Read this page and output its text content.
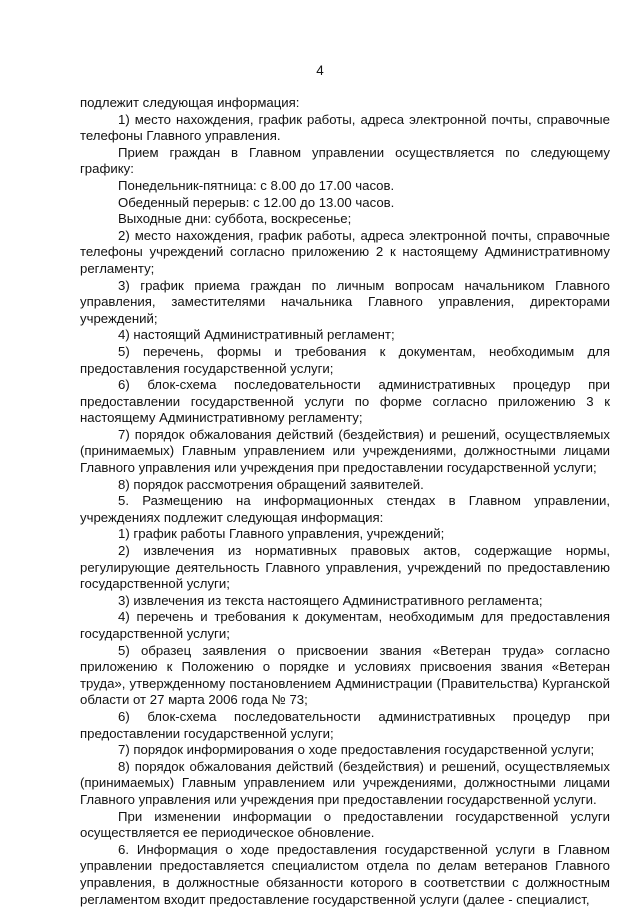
4

подлежит следующая информация:

1) место нахождения, график работы, адреса электронной почты, справочные телефоны Главного управления.

Прием граждан в Главном управлении осуществляется по следующему графику:

Понедельник-пятница: с 8.00 до 17.00 часов.

Обеденный перерыв: с 12.00 до 13.00 часов.

Выходные дни: суббота, воскресенье;

2) место нахождения, график работы, адреса электронной почты, справочные телефоны учреждений согласно приложению 2 к настоящему Административному регламенту;

3) график приема граждан по личным вопросам начальником Главного управления, заместителями начальника Главного управления, директорами учреждений;

4) настоящий Административный регламент;

5) перечень, формы и требования к документам, необходимым для предоставления государственной услуги;

6) блок-схема последовательности административных процедур при предоставлении государственной услуги по форме согласно приложению 3 к настоящему Административному регламенту;

7) порядок обжалования действий (бездействия) и решений, осуществляемых (принимаемых) Главным управлением или учреждениями, должностными лицами Главного управления или учреждения при предоставлении государственной услуги;

8) порядок рассмотрения обращений заявителей.

5. Размещению на информационных стендах в Главном управлении, учреждениях подлежит следующая информация:

1) график работы Главного управления, учреждений;

2) извлечения из нормативных правовых актов, содержащие нормы, регулирующие деятельность Главного управления, учреждений по предоставлению государственной услуги;

3) извлечения из текста настоящего Административного регламента;

4) перечень и требования к документам, необходимым для предоставления государственной услуги;

5) образец заявления о присвоении звания «Ветеран труда» согласно приложению к Положению о порядке и условиях присвоения звания «Ветеран труда», утвержденному постановлением Администрации (Правительства) Курганской области от 27 марта 2006 года № 73;

6) блок-схема последовательности административных процедур при предоставлении государственной услуги;

7) порядок информирования о ходе предоставления государственной услуги;

8) порядок обжалования действий (бездействия) и решений, осуществляемых (принимаемых) Главным управлением или учреждениями, должностными лицами Главного управления или учреждения при предоставлении государственной услуги.

При изменении информации о предоставлении государственной услуги осуществляется ее периодическое обновление.

6. Информация о ходе предоставления государственной услуги в Главном управлении предоставляется специалистом отдела по делам ветеранов Главного управления, в должностные обязанности которого в соответствии с должностным регламентом входит предоставление государственной услуги (далее - специалист,
